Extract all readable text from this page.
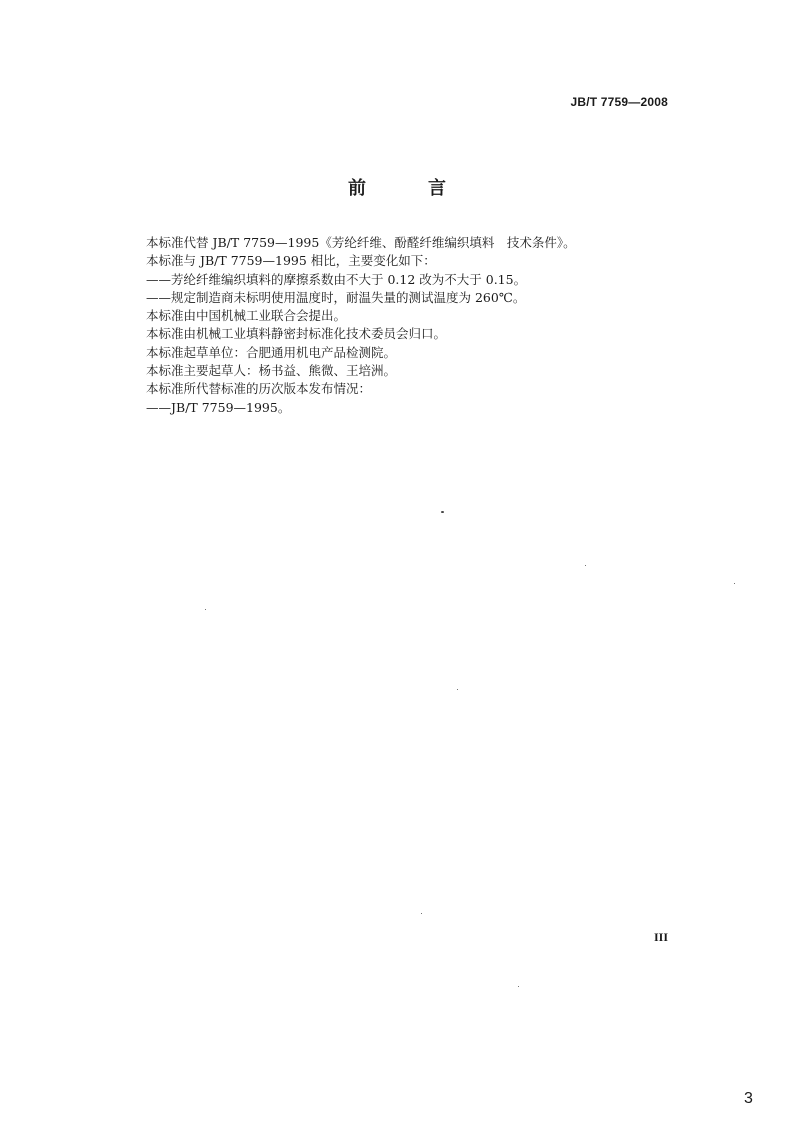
JB/T 7759—2008
前　言
本标准代替 JB/T 7759—1995《芳纶纤维、酚醛纤维编织填料　技术条件》。
本标准与 JB/T 7759—1995 相比，主要变化如下：
——芳纶纤维编织填料的摩擦系数由不大于 0.12 改为不大于 0.15。
——规定制造商未标明使用温度时，耐温失量的测试温度为 260℃。
本标准由中国机械工业联合会提出。
本标准由机械工业填料静密封标准化技术委员会归口。
本标准起草单位：合肥通用机电产品检测院。
本标准主要起草人：杨书益、熊微、王培洲。
本标准所代替标准的历次版本发布情况：
——JB/T 7759—1995。
III
3
